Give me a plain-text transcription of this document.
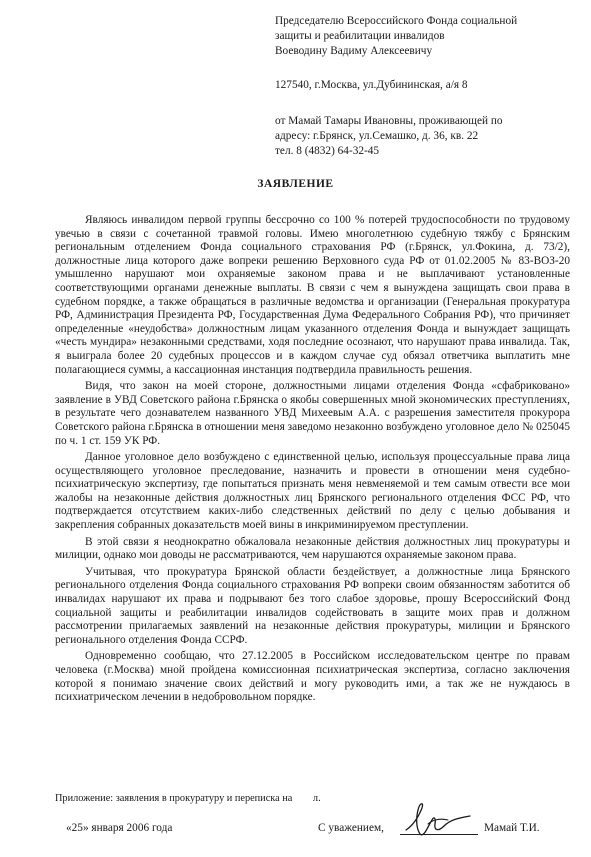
Председателю Всероссийского Фонда социальной

защиты и реабилитации инвалидов

Воеводину Вадиму Алексеевичу

127540, г.Москва, ул.Дубининская, а/я 8

от Мамай Тамары Ивановны, проживающей по

адресу: г.Брянск, ул.Семашко, д. 36, кв. 22

тел. 8 (4832) 64-32-45

ЗАЯВЛЕНИЕ

Являюсь инвалидом первой группы бессрочно со 100 % потерей трудоспособности по трудовому увечью в связи с сочетанной травмой головы. Имею многолетнюю судебную тяжбу с Брянским региональным отделением Фонда социального страхования РФ (г.Брянск, ул.Фокина, д. 73/2), должностные лица которого даже вопреки решению Верховного суда РФ от 01.02.2005 № 83-ВОЗ-20 умышленно нарушают мои охраняемые законом права и не выплачивают установленные соответствующими органами денежные выплаты. В связи с чем я вынуждена защищать свои права в судебном порядке, а также обращаться в различные ведомства и организации (Генеральная прокуратура РФ, Администрация Президента РФ, Государственная Дума Федерального Собрания РФ), что причиняет определенные «неудобства» должностным лицам указанного отделения Фонда и вынуждает защищать «честь мундира» незаконными средствами, ходя последние осознают, что нарушают права инвалида. Так, я выиграла более 20 судебных процессов и в каждом случае суд обязал ответчика выплатить мне полагающиеся суммы, а кассационная инстанция подтвердила правильность решения.

Видя, что закон на моей стороне, должностными лицами отделения Фонда «сфабриковано» заявление в УВД Советского района г.Брянска о якобы совершенных мной экономических преступлениях, в результате чего дознавателем названного УВД Михеевым А.А. с разрешения заместителя прокурора Советского района г.Брянска в отношении меня заведомо незаконно возбуждено уголовное дело № 025045 по ч. 1 ст. 159 УК РФ.

Данное уголовное дело возбуждено с единственной целью, используя процессуальные права лица осуществляющего уголовное преследование, назначить и провести в отношении меня судебно-психиатрическую экспертизу, где попытаться признать меня невменяемой и тем самым отвести все мои жалобы на незаконные действия должностных лиц Брянского регионального отделения ФСС РФ, что подтверждается отсутствием каких-либо следственных действий по делу с целью добывания и закрепления собранных доказательств моей вины в инкриминируемом преступлении.

В этой связи я неоднократно обжаловала незаконные действия должностных лиц прокуратуры и милиции, однако мои доводы не рассматриваются, чем нарушаются охраняемые законом права.

Учитывая, что прокуратура Брянской области бездействует, а должностные лица Брянского регионального отделения Фонда социального страхования РФ вопреки своим обязанностям заботится об инвалидах нарушают их права и подрывают без того слабое здоровье, прошу Всероссийский Фонд социальной защиты и реабилитации инвалидов содействовать в защите моих прав и должном рассмотрении прилагаемых заявлений на незаконные действия прокуратуры, милиции и Брянского регионального отделения Фонда ССРФ.

Одновременно сообщаю, что 27.12.2005 в Российском исследовательском центре по правам человека (г.Москва) мной пройдена комиссионная психиатрическая экспертиза, согласно заключения которой я понимаю значение своих действий и могу руководить ими, а так же не нуждаюсь в психиатрическом лечении в недобровольном порядке.

Приложение: заявления в прокуратуру и переписка на        л.

«25» января 2006 года	С уважением,	Мамай Т.И.
